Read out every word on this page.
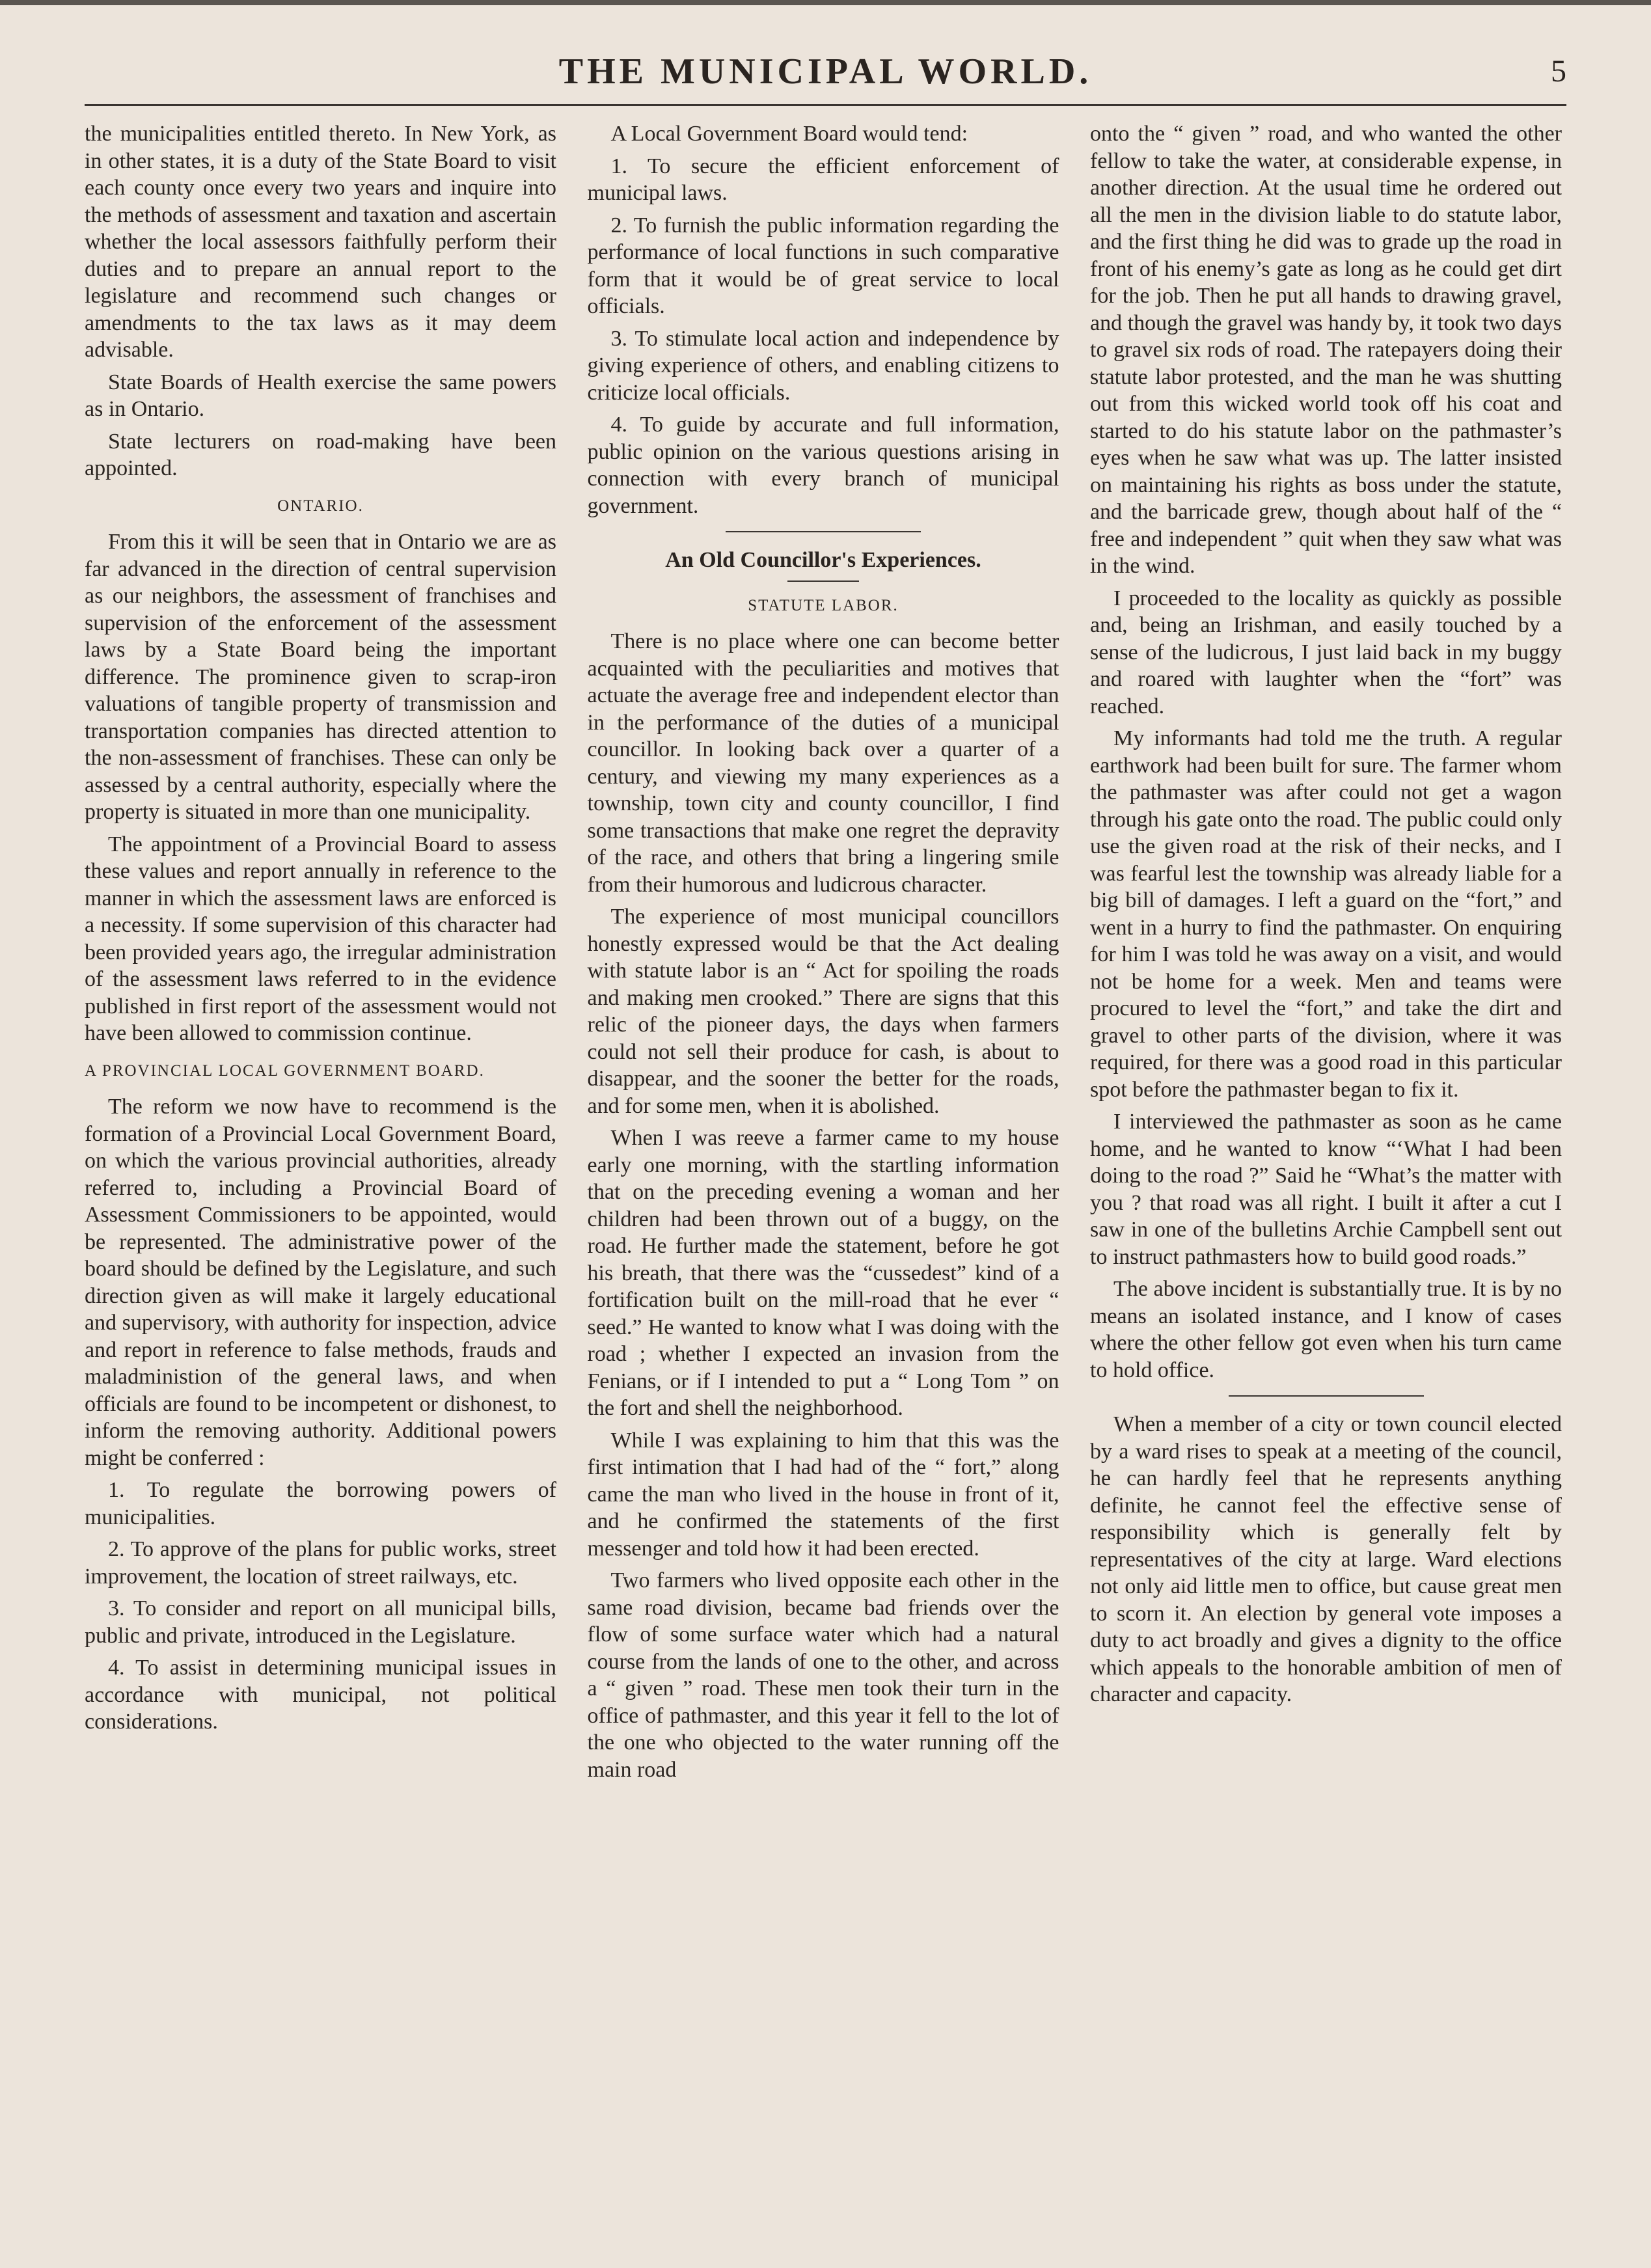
THE MUNICIPAL WORLD.	5

the municipalities entitled thereto. In New York, as in other states, it is a duty of the State Board to visit each county once every two years and inquire into the methods of assessment and taxation and ascertain whether the local assessors faithfully perform their duties and to prepare an annual report to the legislature and recommend such changes or amendments to the tax laws as it may deem advisable.

State Boards of Health exercise the same powers as in Ontario.

State lecturers on road-making have been appointed.

ONTARIO.

From this it will be seen that in Ontario we are as far advanced in the direction of central supervision as our neighbors, the assessment of franchises and supervision of the enforcement of the assessment laws by a State Board being the important difference. The prominence given to scrap-iron valuations of tangible property of transmission and transportation companies has directed attention to the non-assessment of franchises. These can only be assessed by a central authority, especially where the property is situated in more than one municipality.

The appointment of a Provincial Board to assess these values and report annually in reference to the manner in which the assessment laws are enforced is a necessity. If some supervision of this character had been provided years ago, the irregular administration of the assessment laws referred to in the evidence published in first report of the assessment would not have been allowed to commission continue.

A PROVINCIAL LOCAL GOVERNMENT BOARD.

The reform we now have to recommend is the formation of a Provincial Local Government Board, on which the various provincial authorities, already referred to, including a Provincial Board of Assessment Commissioners to be appointed, would be represented. The administrative power of the board should be defined by the Legislature, and such direction given as will make it largely educational and supervisory, with authority for inspection, advice and report in reference to false methods, frauds and maladministion of the general laws, and when officials are found to be incompetent or dishonest, to inform the removing authority. Additional powers might be conferred :

1. To regulate the borrowing powers of municipalities.

2. To approve of the plans for public works, street improvement, the location of street railways, etc.

3. To consider and report on all municipal bills, public and private, introduced in the Legislature.

4. To assist in determining municipal issues in accordance with municipal, not political considerations.

A Local Government Board would tend:

1. To secure the efficient enforcement of municipal laws.

2. To furnish the public information regarding the performance of local functions in such comparative form that it would be of great service to local officials.

3. To stimulate local action and independence by giving experience of others, and enabling citizens to criticize local officials.

4. To guide by accurate and full information, public opinion on the various questions arising in connection with every branch of municipal government.

An Old Councillor's Experiences.
STATUTE LABOR.

There is no place where one can become better acquainted with the peculiarities and motives that actuate the average free and independent elector than in the performance of the duties of a municipal councillor. In looking back over a quarter of a century, and viewing my many experiences as a township, town city and county councillor, I find some transactions that make one regret the depravity of the race, and others that bring a lingering smile from their humorous and ludicrous character.

The experience of most municipal councillors honestly expressed would be that the Act dealing with statute labor is an “ Act for spoiling the roads and making men crooked.” There are signs that this relic of the pioneer days, the days when farmers could not sell their produce for cash, is about to disappear, and the sooner the better for the roads, and for some men, when it is abolished.

When I was reeve a farmer came to my house early one morning, with the startling information that on the preceding evening a woman and her children had been thrown out of a buggy, on the road. He further made the statement, before he got his breath, that there was the “cussedest” kind of a fortification built on the mill-road that he ever “ seed.” He wanted to know what I was doing with the road ; whether I expected an invasion from the Fenians, or if I intended to put a “ Long Tom ” on the fort and shell the neighborhood.

While I was explaining to him that this was the first intimation that I had had of the “ fort,” along came the man who lived in the house in front of it, and he confirmed the statements of the first messenger and told how it had been erected.

Two farmers who lived opposite each other in the same road division, became bad friends over the flow of some surface water which had a natural course from the lands of one to the other, and across a “ given ” road. These men took their turn in the office of pathmaster, and this year it fell to the lot of the one who objected to the water running off the main road

onto the “ given ” road, and who wanted the other fellow to take the water, at considerable expense, in another direction. At the usual time he ordered out all the men in the division liable to do statute labor, and the first thing he did was to grade up the road in front of his enemy’s gate as long as he could get dirt for the job. Then he put all hands to drawing gravel, and though the gravel was handy by, it took two days to gravel six rods of road. The ratepayers doing their statute labor protested, and the man he was shutting out from this wicked world took off his coat and started to do his statute labor on the pathmaster’s eyes when he saw what was up. The latter insisted on maintaining his rights as boss under the statute, and the barricade grew, though about half of the “ free and independent ” quit when they saw what was in the wind.

I proceeded to the locality as quickly as possible and, being an Irishman, and easily touched by a sense of the ludicrous, I just laid back in my buggy and roared with laughter when the “fort” was reached.

My informants had told me the truth. A regular earthwork had been built for sure. The farmer whom the pathmaster was after could not get a wagon through his gate onto the road. The public could only use the given road at the risk of their necks, and I was fearful lest the township was already liable for a big bill of damages. I left a guard on the “fort,” and went in a hurry to find the pathmaster. On enquiring for him I was told he was away on a visit, and would not be home for a week. Men and teams were procured to level the “fort,” and take the dirt and gravel to other parts of the division, where it was required, for there was a good road in this particular spot before the pathmaster began to fix it.

I interviewed the pathmaster as soon as he came home, and he wanted to know “‘What I had been doing to the road ?” Said he “What’s the matter with you ? that road was all right. I built it after a cut I saw in one of the bulletins Archie Campbell sent out to instruct pathmasters how to build good roads.”

The above incident is substantially true. It is by no means an isolated instance, and I know of cases where the other fellow got even when his turn came to hold office.

When a member of a city or town council elected by a ward rises to speak at a meeting of the council, he can hardly feel that he represents anything definite, he cannot feel the effective sense of responsibility which is generally felt by representatives of the city at large. Ward elections not only aid little men to office, but cause great men to scorn it. An election by general vote imposes a duty to act broadly and gives a dignity to the office which appeals to the honorable ambition of men of character and capacity.
